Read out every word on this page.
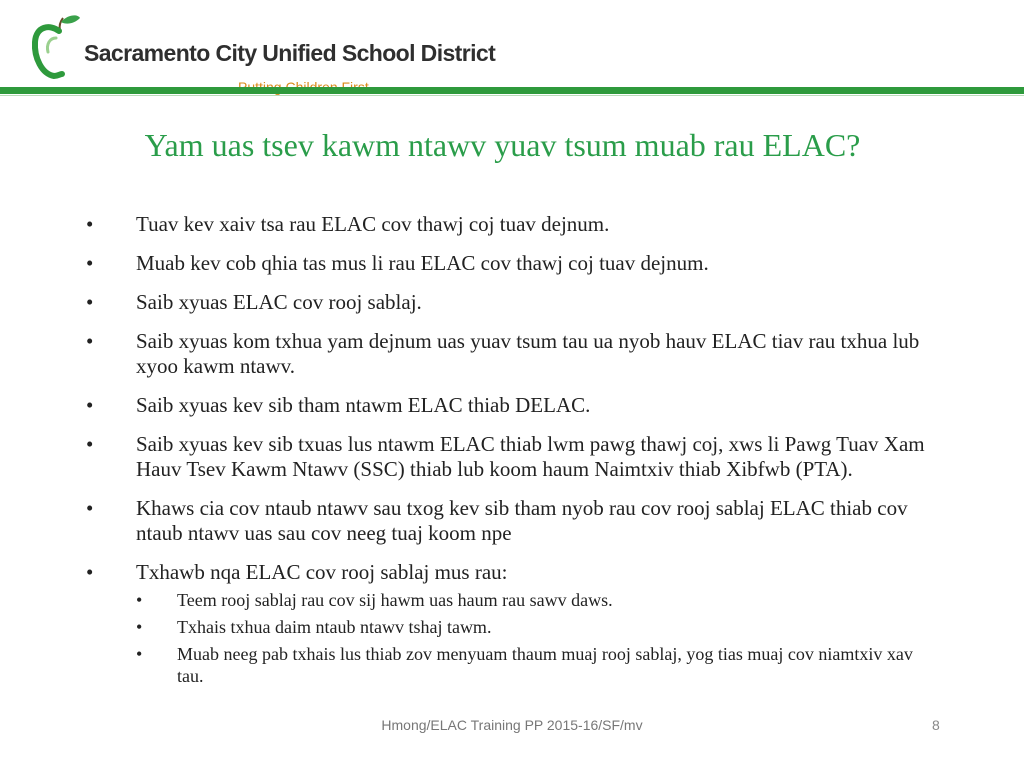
Sacramento City Unified School District
Yam uas tsev kawm ntawv yuav tsum muab rau ELAC?
• Tuav kev xaiv tsa rau ELAC cov thawj coj tuav dejnum.
• Muab kev cob qhia tas mus li rau ELAC cov thawj coj tuav dejnum.
• Saib xyuas ELAC cov rooj sablaj.
• Saib xyuas kom txhua yam dejnum uas yuav tsum tau ua nyob hauv ELAC tiav rau txhua lub xyoo kawm ntawv.
• Saib xyuas kev sib tham ntawm ELAC thiab DELAC.
• Saib xyuas kev sib txuas lus ntawm ELAC thiab lwm pawg thawj coj, xws li Pawg Tuav Xam Hauv Tsev Kawm Ntawv (SSC) thiab lub koom haum Naimtxiv thiab Xibfwb (PTA).
• Khaws cia cov ntaub ntawv sau txog kev sib tham nyob rau cov rooj sablaj ELAC thiab cov ntaub ntawv uas sau cov neeg tuaj koom npe
• Txhawb nqa ELAC cov rooj sablaj mus rau:
• Teem rooj sablaj rau cov sij hawm uas haum rau sawv daws.
• Txhais txhua daim ntaub ntawv tshaj tawm.
• Muab neeg pab txhais lus thiab zov menyuam thaum muaj rooj sablaj, yog tias muaj cov niamtxiv xav tau.
Hmong/ELAC Training PP 2015-16/SF/mv	8
